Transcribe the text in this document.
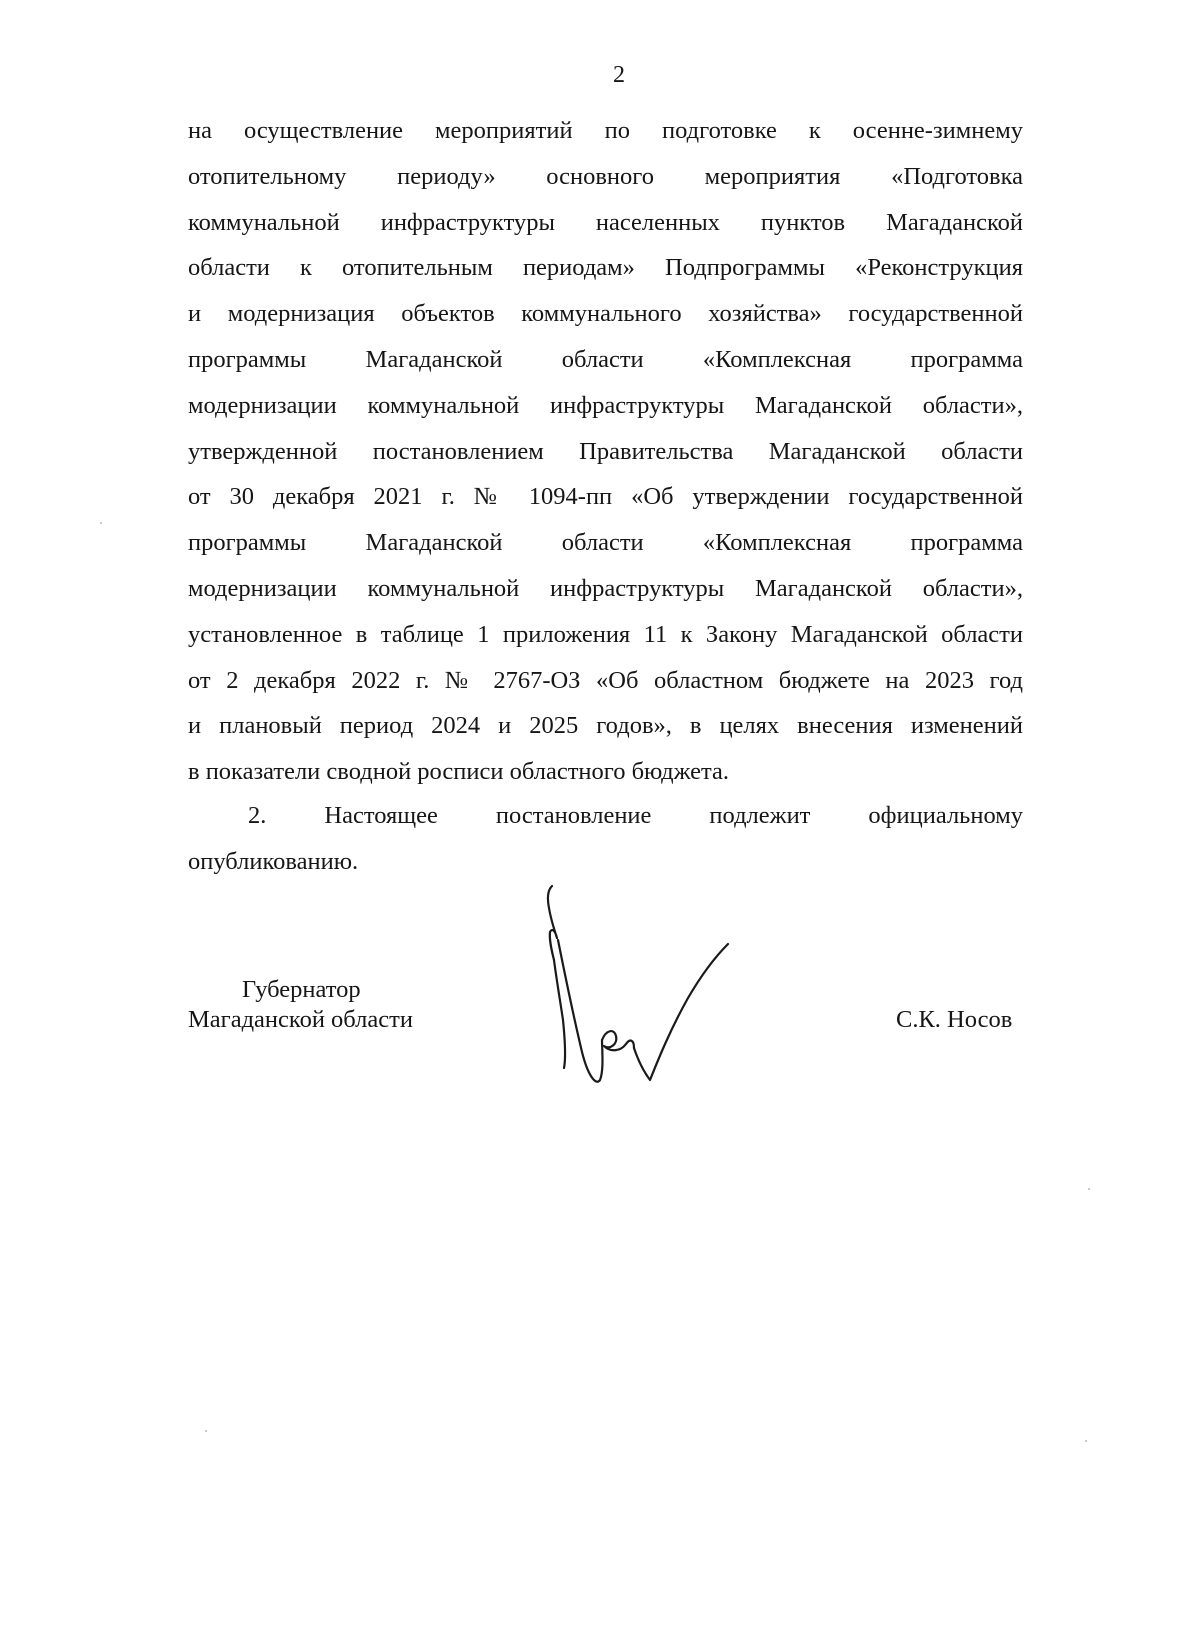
2
на осуществление мероприятий по подготовке к осенне-зимнему
отопительному периоду» основного мероприятия «Подготовка
коммунальной инфраструктуры населенных пунктов Магаданской
области к отопительным периодам» Подпрограммы «Реконструкция
и модернизация объектов коммунального хозяйства» государственной
программы Магаданской области «Комплексная программа
модернизации коммунальной инфраструктуры Магаданской области»,
утвержденной постановлением Правительства Магаданской области
от 30 декабря 2021 г. № 1094-пп «Об утверждении государственной
программы Магаданской области «Комплексная программа
модернизации коммунальной инфраструктуры Магаданской области»,
установленное в таблице 1 приложения 11 к Закону Магаданской области
от 2 декабря 2022 г. № 2767-ОЗ «Об областном бюджете на 2023 год
и плановый период 2024 и 2025 годов», в целях внесения изменений
в показатели сводной росписи областного бюджета.
2. Настоящее постановление подлежит официальному
опубликованию.
Губернатор
Магаданской области	С.К. Носов
